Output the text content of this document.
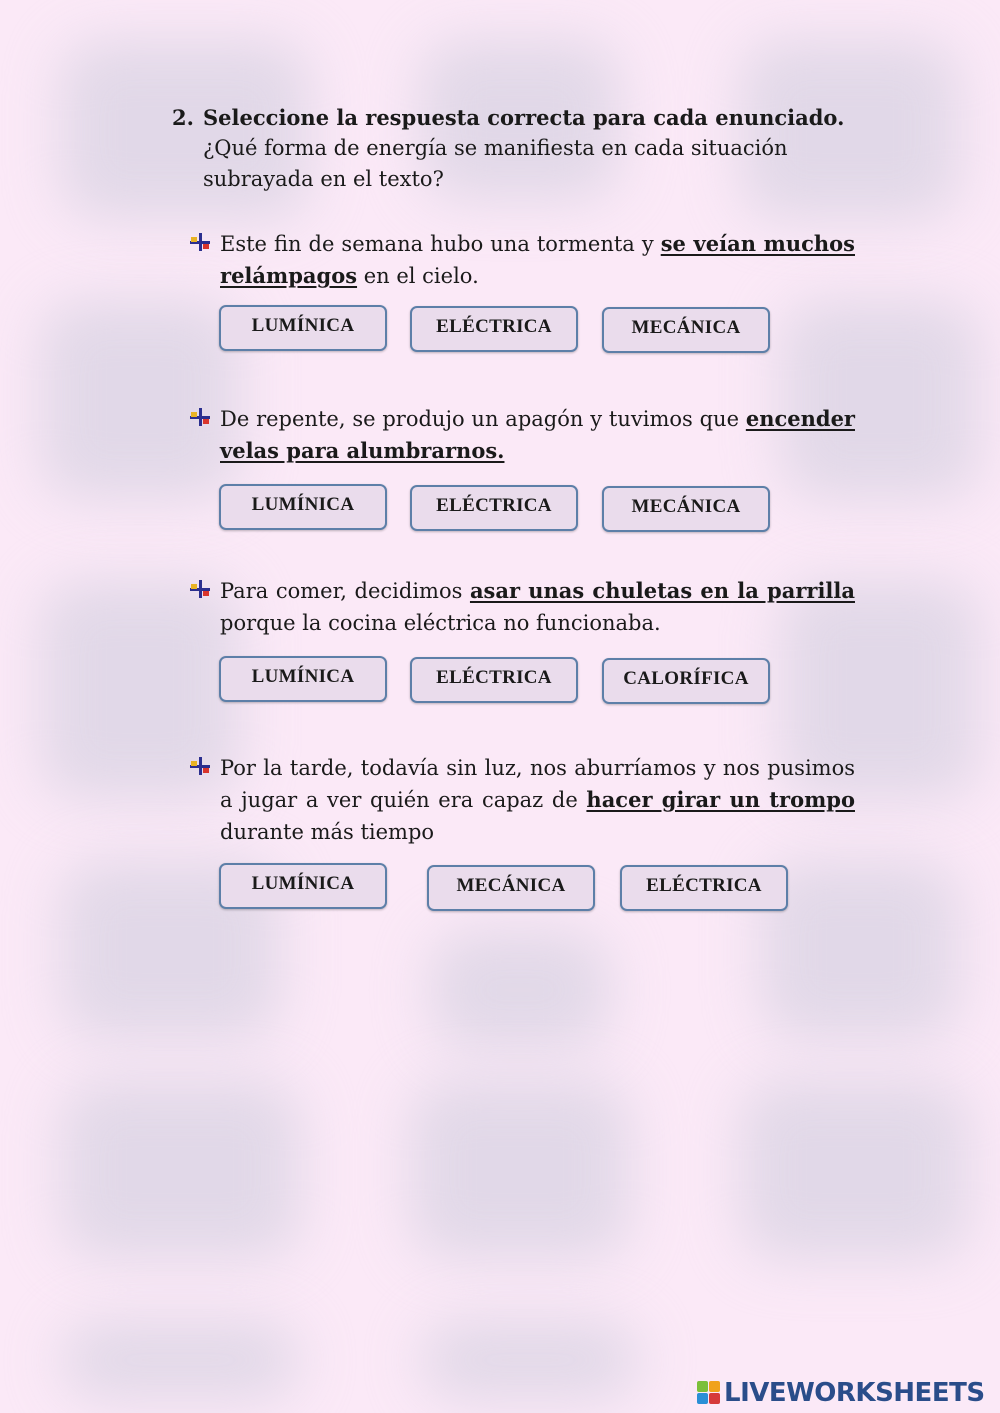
2. Seleccione la respuesta correcta para cada enunciado.
¿Qué forma de energía se manifiesta en cada situación subrayada en el texto?
Este fin de semana hubo una tormenta y se veían muchos relámpagos en el cielo.
LUMÍNICA	ELÉCTRICA	MECÁNICA
De repente, se produjo un apagón y tuvimos que encender velas para alumbrarnos.
LUMÍNICA	ELÉCTRICA	MECÁNICA
Para comer, decidimos asar unas chuletas en la parrilla porque la cocina eléctrica no funcionaba.
LUMÍNICA	ELÉCTRICA	CALORÍFICA
Por la tarde, todavía sin luz, nos aburríamos y nos pusimos a jugar a ver quién era capaz de hacer girar un trompo durante más tiempo
LUMÍNICA	MECÁNICA	ELÉCTRICA
LIVEWORKSHEETS
